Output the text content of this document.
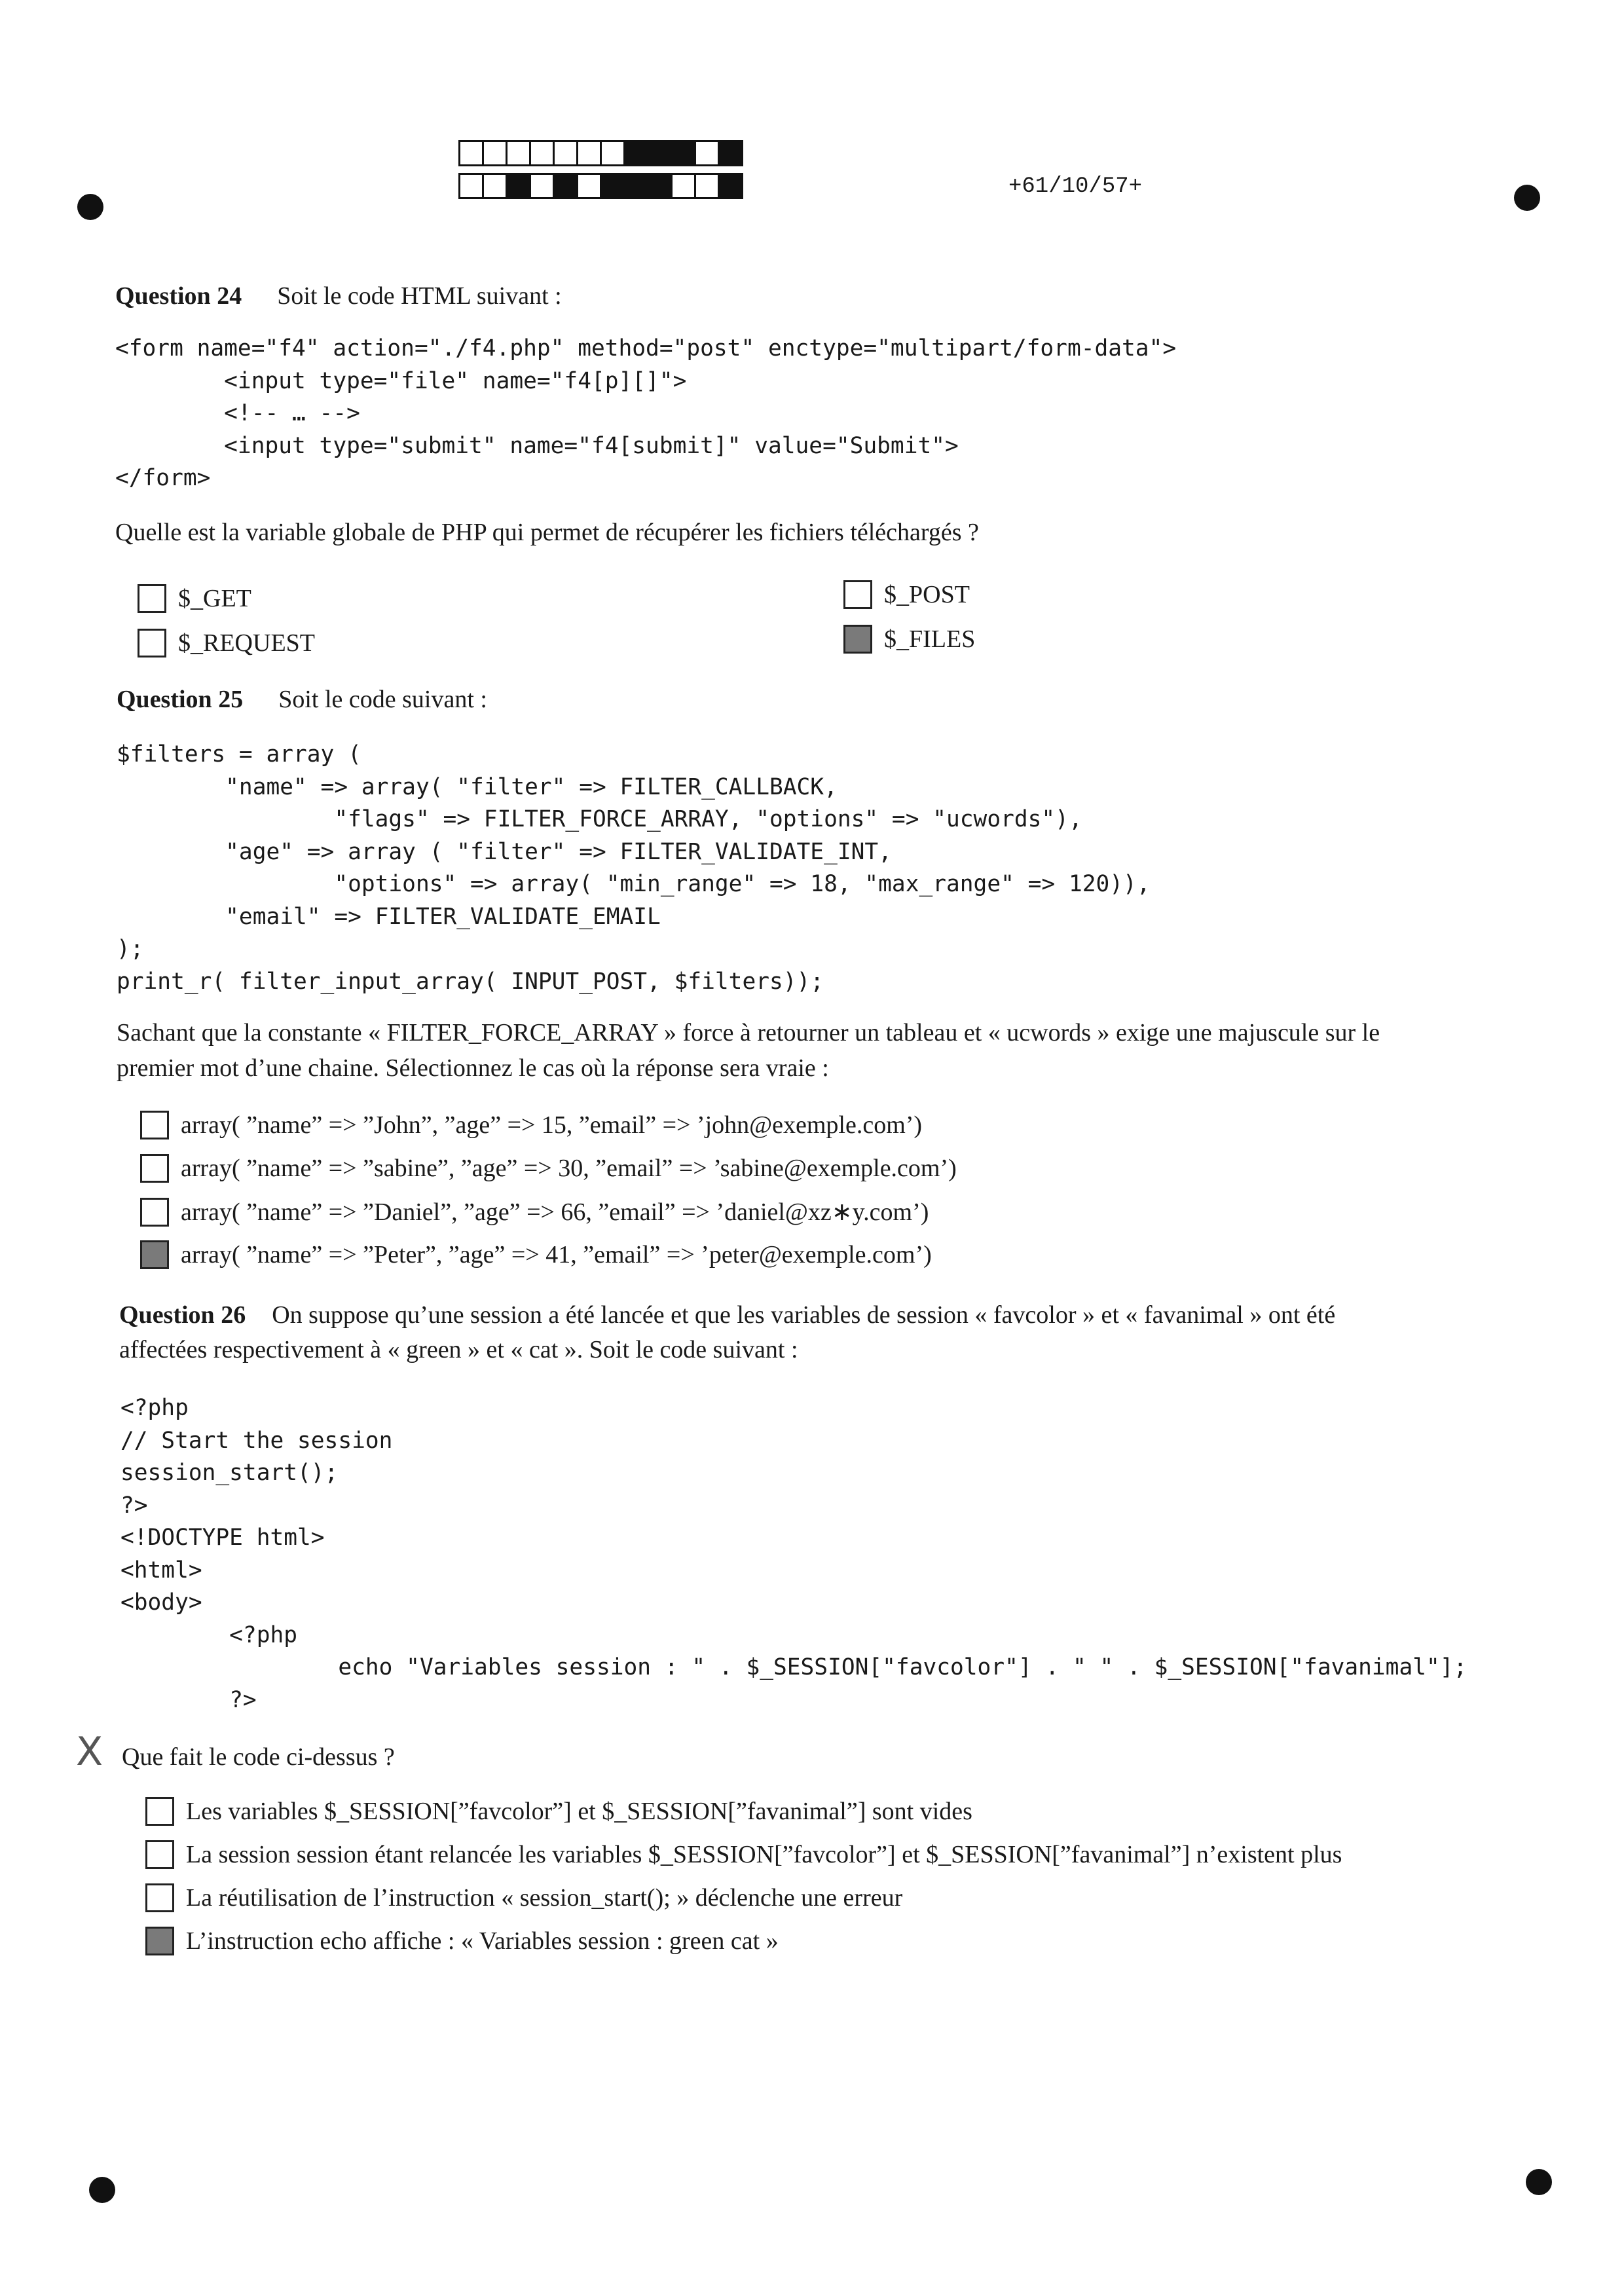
+61/10/57+
Question 24 Soit le code HTML suivant :
<form name="f4" action="./f4.php" method="post" enctype="multipart/form-data">
<input type="file" name="f4[p][]">
<!-- … -->
<input type="submit" name="f4[submit]" value="Submit">
</form>
Quelle est la variable globale de PHP qui permet de récupérer les fichiers téléchargés ?
$_GET
$_REQUEST
$_POST
$_FILES
Question 25 Soit le code suivant :
$filters = array (
"name" => array( "filter" => FILTER_CALLBACK,
"flags" => FILTER_FORCE_ARRAY, "options" => "ucwords"),
"age" => array ( "filter" => FILTER_VALIDATE_INT,
"options" => array( "min_range" => 18, "max_range" => 120)),
"email" => FILTER_VALIDATE_EMAIL
);
print_r( filter_input_array( INPUT_POST, $filters));
Sachant que la constante « FILTER_FORCE_ARRAY » force à retourner un tableau et « ucwords » exige une majuscule sur le
premier mot d’une chaine. Sélectionnez le cas où la réponse sera vraie :
array( ”name” => ”John”, ”age” => 15, ”email” => ’john@exemple.com’)
array( ”name” => ”sabine”, ”age” => 30, ”email” => ’sabine@exemple.com’)
array( ”name” => ”Daniel”, ”age” => 66, ”email” => ’daniel@xz∗y.com’)
array( ”name” => ”Peter”, ”age” => 41, ”email” => ’peter@exemple.com’)
Question 26 On suppose qu’une session a été lancée et que les variables de session « favcolor » et « favanimal » ont été
affectées respectivement à « green » et « cat ». Soit le code suivant :
<?php
// Start the session
session_start();
?>
<!DOCTYPE html>
<html>
<body>
<?php
echo "Variables session : " . $_SESSION["favcolor"] . " " . $_SESSION["favanimal"];
?>
X Que fait le code ci-dessus ?
Les variables $_SESSION[”favcolor”] et $_SESSION[”favanimal”] sont vides
La session session étant relancée les variables $_SESSION[”favcolor”] et $_SESSION[”favanimal”] n’existent plus
La réutilisation de l’instruction « session_start(); » déclenche une erreur
L’instruction echo affiche : « Variables session : green cat »
